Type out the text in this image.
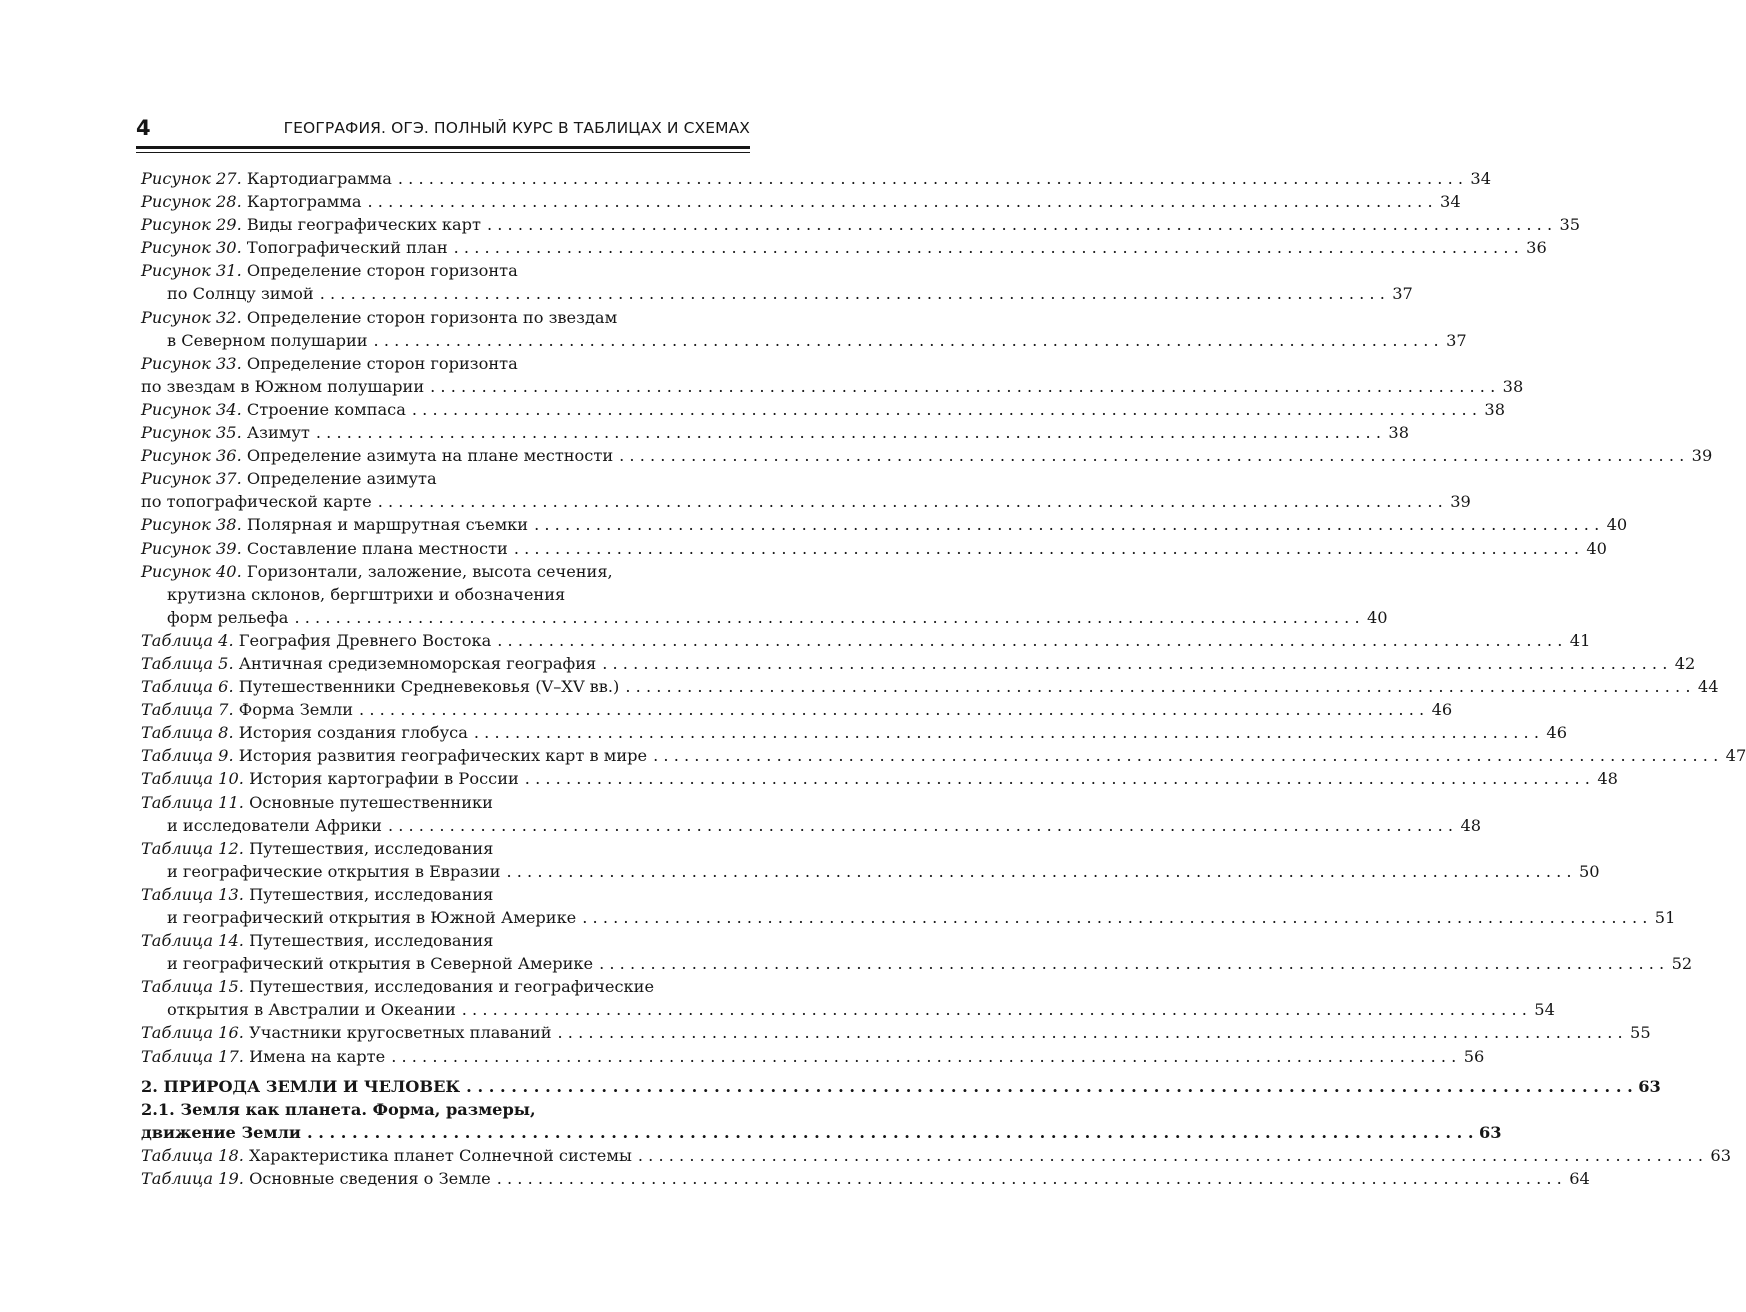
4	ГЕОГРАФИЯ. ОГЭ. ПОЛНЫЙ КУРС В ТАБЛИЦАХ И СХЕМАХ
Рисунок 27. Картодиаграмма . . .	34
Рисунок 28. Картограмма . . .	34
Рисунок 29. Виды географических карт . . .	35
Рисунок 30. Топографический план . . .	36
Рисунок 31. Определение сторон горизонта
по Солнцу зимой . . .	37
Рисунок 32. Определение сторон горизонта по звездам
в Северном полушарии . . .	37
Рисунок 33. Определение сторон горизонта
по звездам в Южном полушарии . . .	38
Рисунок 34. Строение компаса . . .	38
Рисунок 35. Азимут . . .	38
Рисунок 36. Определение азимута на плане местности . . .	39
Рисунок 37. Определение азимута
по топографической карте . . .	39
Рисунок 38. Полярная и маршрутная съемки . . .	40
Рисунок 39. Составление плана местности . . .	40
Рисунок 40. Горизонтали, заложение, высота сечения,
крутизна склонов, бергштрихи и обозначения
форм рельефа . . .	40
Таблица 4. География Древнего Востока . . .	41
Таблица 5. Античная средиземноморская география . . .	42
Таблица 6. Путешественники Средневековья (V–XV вв.) . . .	44
Таблица 7. Форма Земли . . .	46
Таблица 8. История создания глобуса . . .	46
Таблица 9. История развития географических карт в мире . . .	47
Таблица 10. История картографии в России . . .	48
Таблица 11. Основные путешественники
и исследователи Африки . . .	48
Таблица 12. Путешествия, исследования
и географические открытия в Евразии . . .	50
Таблица 13. Путешествия, исследования
и географический открытия в Южной Америке . . .	51
Таблица 14. Путешествия, исследования
и географический открытия в Северной Америке . . .	52
Таблица 15. Путешествия, исследования и географические
открытия в Австралии и Океании . . .	54
Таблица 16. Участники кругосветных плаваний . . .	55
Таблица 17. Имена на карте . . .	56
2. ПРИРОДА ЗЕМЛИ И ЧЕЛОВЕК . . .	63
2.1. Земля как планета. Форма, размеры,
движение Земли . . .	63
Таблица 18. Характеристика планет Солнечной системы . . .	63
Таблица 19. Основные сведения о Земле . . .	64
